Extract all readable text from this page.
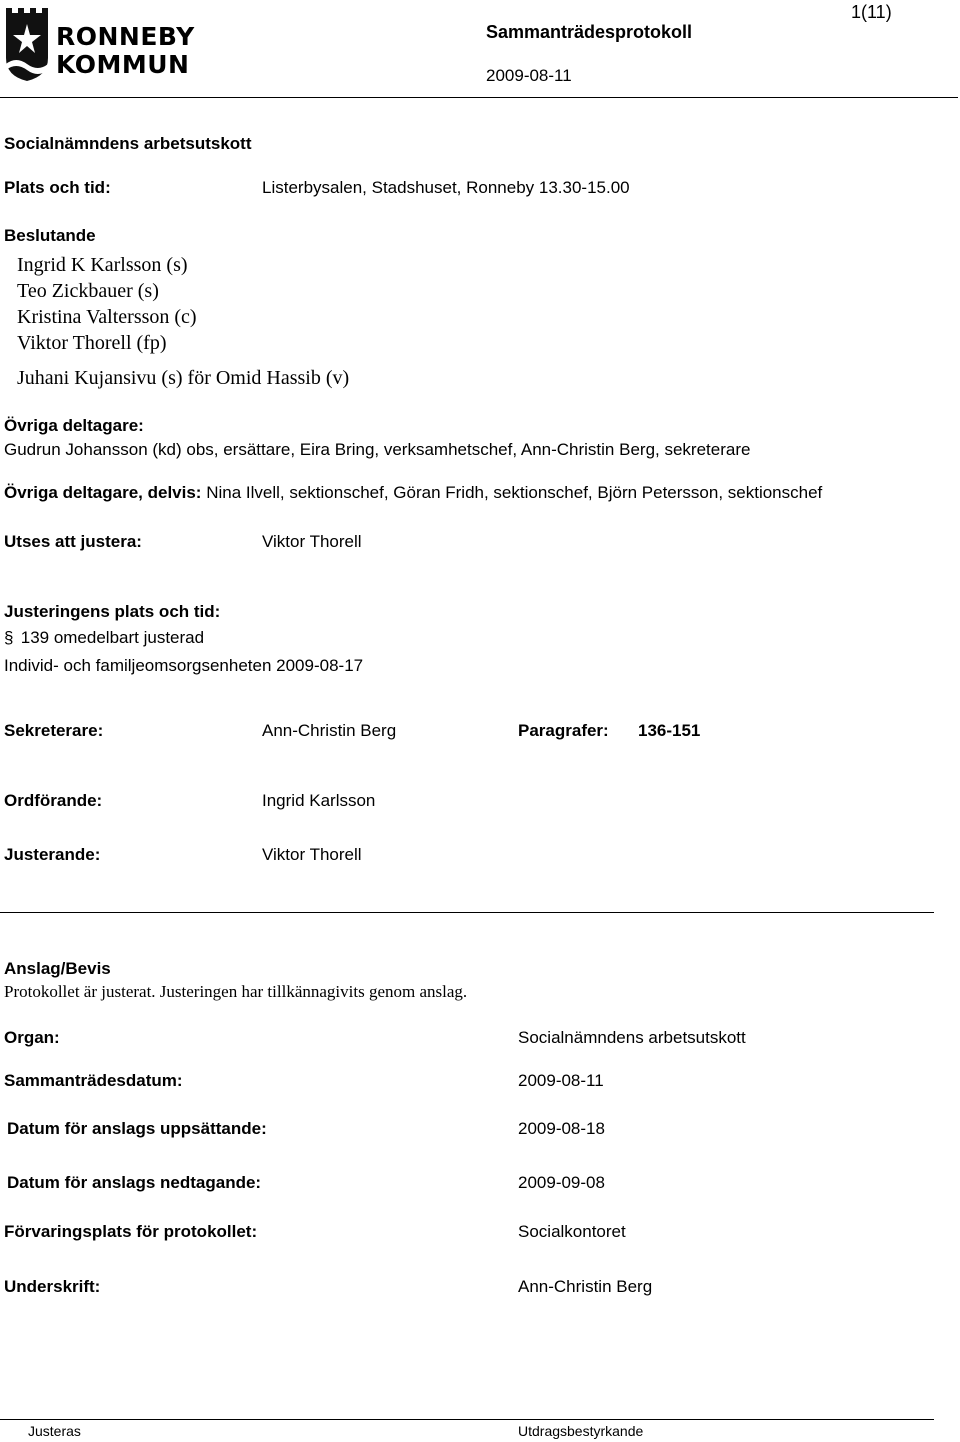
RONNEBY
KOMMUN
1(11)
Sammanträdesprotokoll
2009-08-11
Socialnämndens arbetsutskott
Plats och tid:	Listerbysalen, Stadshuset, Ronneby 13.30-15.00
Beslutande
Ingrid K Karlsson (s)
Teo Zickbauer (s)
Kristina Valtersson (c)
Viktor Thorell (fp)
Juhani Kujansivu (s) för Omid Hassib (v)
Övriga deltagare:
Gudrun Johansson (kd) obs, ersättare, Eira Bring, verksamhetschef, Ann-Christin Berg, sekreterare
Övriga deltagare, delvis: Nina Ilvell, sektionschef, Göran Fridh, sektionschef, Björn Petersson, sektionschef
Utses att justera:	Viktor Thorell
Justeringens plats och tid:
§ 139 omedelbart justerad
Individ- och familjeomsorgsenheten 2009-08-17
Sekreterare:	Ann-Christin Berg	Paragrafer: 136-151
Ordförande:	Ingrid Karlsson
Justerande:	Viktor Thorell
Anslag/Bevis
Protokollet är justerat. Justeringen har tillkännagivits genom anslag.
Organ:	Socialnämndens arbetsutskott
Sammanträdesdatum:	2009-08-11
Datum för anslags uppsättande:	2009-08-18
Datum för anslags nedtagande:	2009-09-08
Förvaringsplats för protokollet:	Socialkontoret
Underskrift:	Ann-Christin Berg
Justeras	Utdragsbestyrkande
